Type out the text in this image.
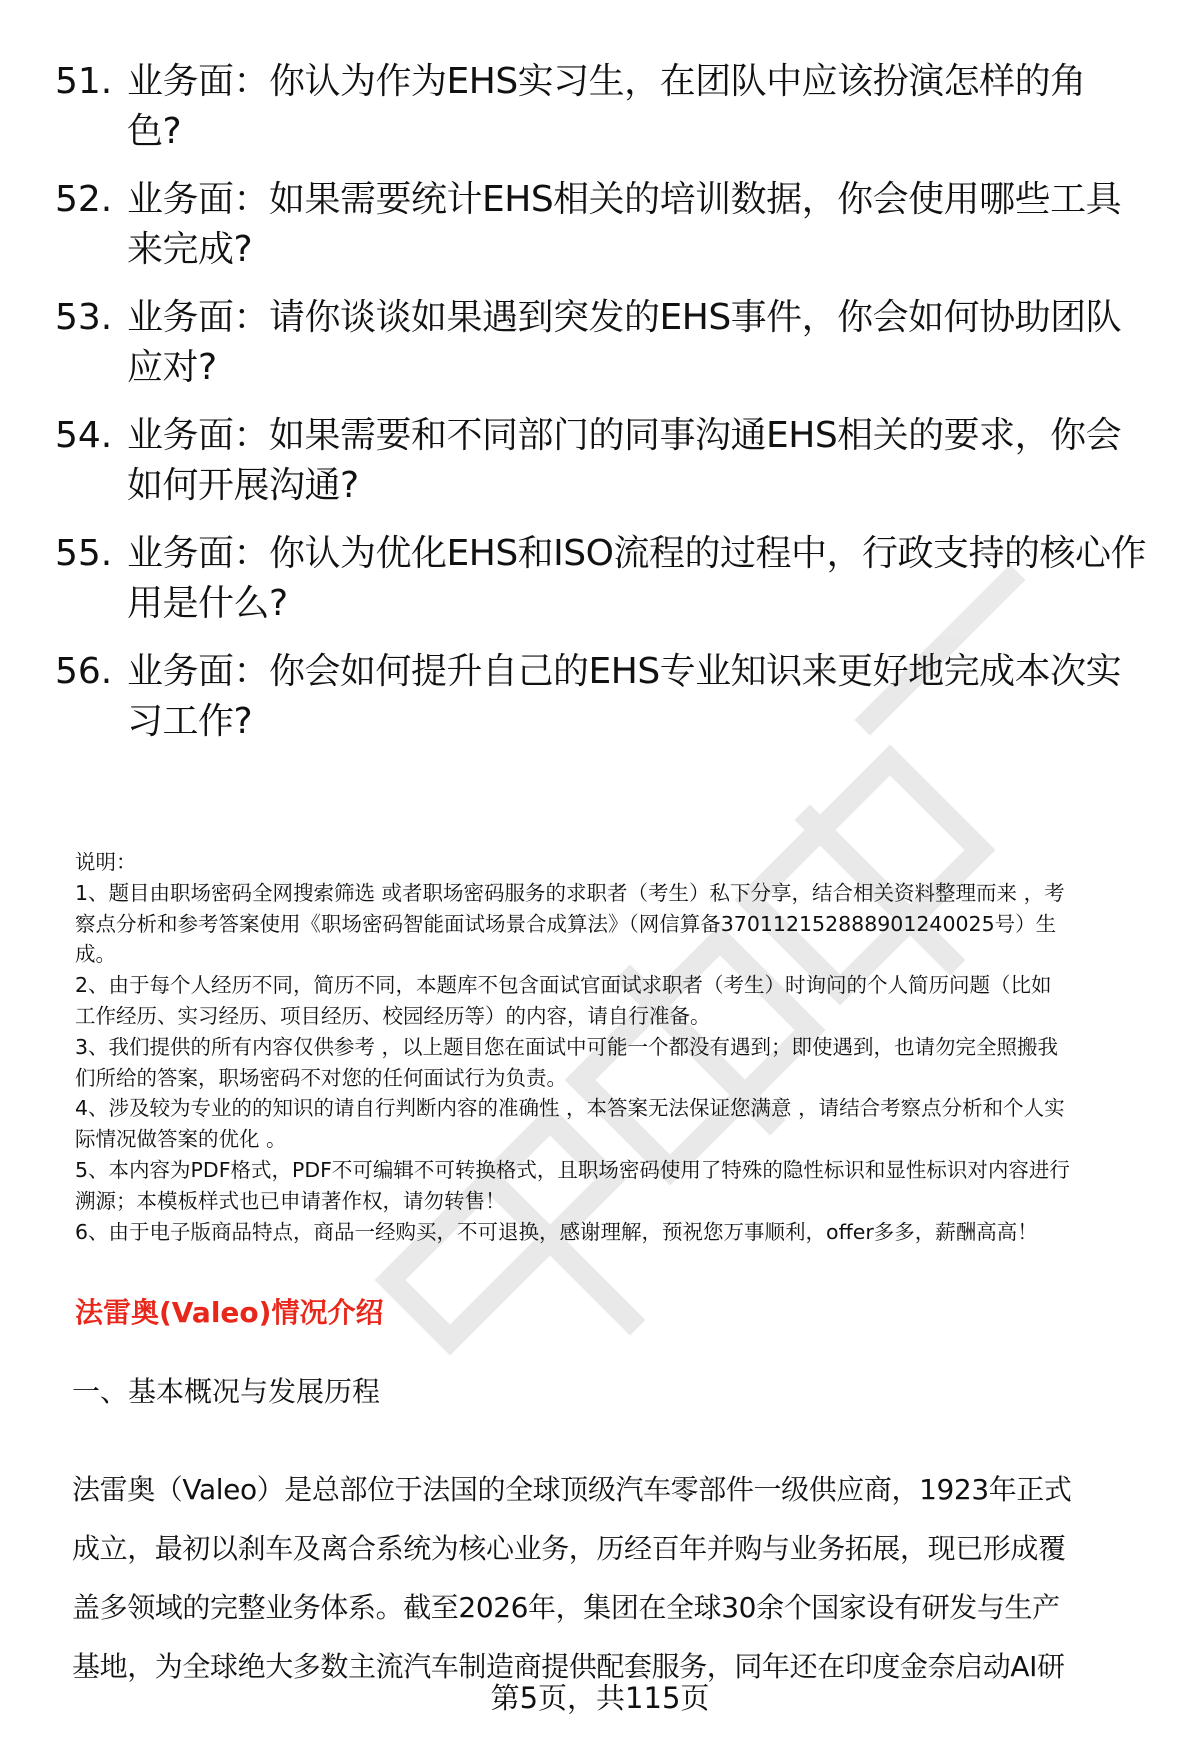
51. 业务面：你认为作为EHS实习生，在团队中应该扮演怎样的角
色?
52. 业务面：如果需要统计EHS相关的培训数据，你会使用哪些工具
来完成?
53. 业务面：请你谈谈如果遇到突发的EHS事件，你会如何协助团队
应对?
54. 业务面：如果需要和不同部门的同事沟通EHS相关的要求，你会
如何开展沟通?
55. 业务面：你认为优化EHS和ISO流程的过程中，行政支持的核心作
用是什么?
56. 业务面：你会如何提升自己的EHS专业知识来更好地完成本次实
习工作?
说明：
1、题目由职场密码全网搜索筛选 或者职场密码服务的求职者（考生）私下分享，结合相关资料整理而来 ，考
察点分析和参考答案使用《职场密码智能面试场景合成算法》（网信算备370112152888901240025号）生
成。
2、由于每个人经历不同，简历不同，本题库不包含面试官面试求职者（考生）时询问的个人简历问题（比如
工作经历、实习经历、项目经历、校园经历等）的内容，请自行准备。
3、我们提供的所有内容仅供参考 ，以上题目您在面试中可能一个都没有遇到；即使遇到，也请勿完全照搬我
们所给的答案，职场密码不对您的任何面试行为负责。
4、涉及较为专业的的知识的请自行判断内容的准确性 ，本答案无法保证您满意 ，请结合考察点分析和个人实
际情况做答案的优化 。
5、本内容为PDF格式，PDF不可编辑不可转换格式，且职场密码使用了特殊的隐性标识和显性标识对内容进行
溯源；本模板样式也已申请著作权，请勿转售！
6、由于电子版商品特点，商品一经购买，不可退换，感谢理解，预祝您万事顺利，offer多多，薪酬高高！
法雷奥(Valeo)情况介绍
一、基本概况与发展历程
法雷奥（Valeo）是总部位于法国的全球顶级汽车零部件一级供应商，1923年正式
成立，最初以刹车及离合系统为核心业务，历经百年并购与业务拓展，现已形成覆
盖多领域的完整业务体系。截至2026年，集团在全球30余个国家设有研发与生产
基地，为全球绝大多数主流汽车制造商提供配套服务，同年还在印度金奈启动AI研
第5页，共115页
